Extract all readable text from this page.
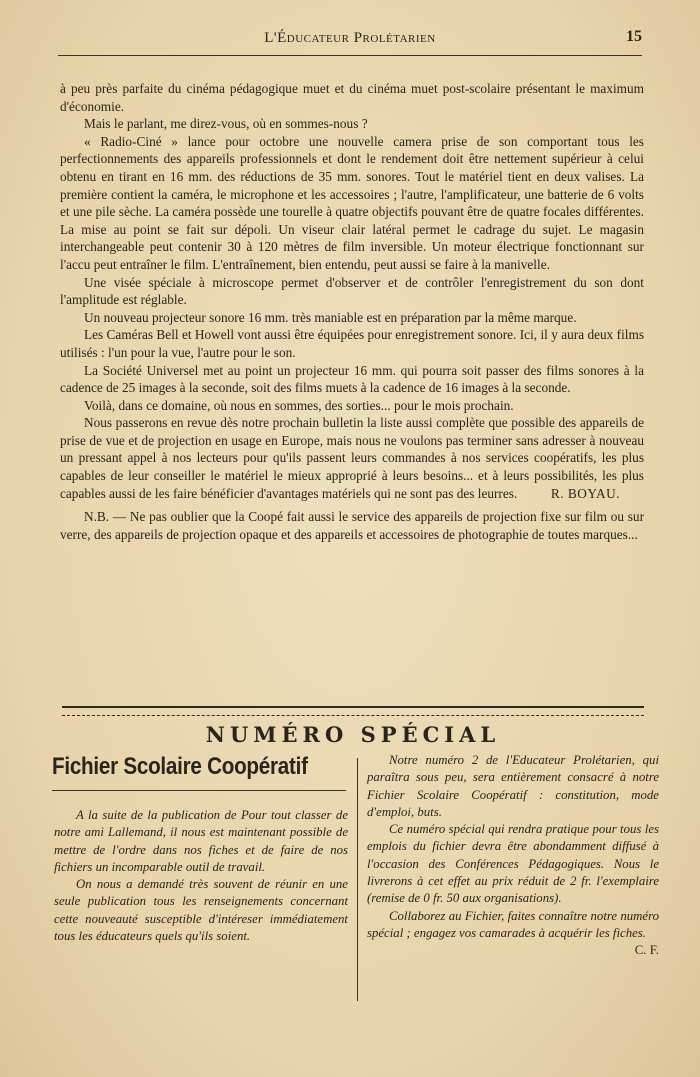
L'Éducateur Prolétarien	15

à peu près parfaite du cinéma pédagogique muet et du cinéma muet post-scolaire présentant le maximum d'économie.

Mais le parlant, me direz-vous, où en sommes-nous ?

« Radio-Ciné » lance pour octobre une nouvelle camera prise de son comportant tous les perfectionnements des appareils professionnels et dont le rendement doit être nettement supérieur à celui obtenu en tirant en 16 mm. des réductions de 35 mm. sonores. Tout le matériel tient en deux valises. La première contient la caméra, le microphone et les accessoires ; l'autre, l'amplificateur, une batterie de 6 volts et une pile sèche. La caméra possède une tourelle à quatre objectifs pouvant être de quatre focales différentes. La mise au point se fait sur dépoli. Un viseur clair latéral permet le cadrage du sujet. Le magasin interchangeable peut contenir 30 à 120 mètres de film inversible. Un moteur électrique fonctionnant sur l'accu peut entraîner le film. L'entraînement, bien entendu, peut aussi se faire à la manivelle.

Une visée spéciale à microscope permet d'observer et de contrôler l'enregistrement du son dont l'amplitude est réglable.

Un nouveau projecteur sonore 16 mm. très maniable est en préparation par la même marque.

Les Caméras Bell et Howell vont aussi être équipées pour enregistrement sonore. Ici, il y aura deux films utilisés : l'un pour la vue, l'autre pour le son.

La Société Universel met au point un projecteur 16 mm. qui pourra soit passer des films sonores à la cadence de 25 images à la seconde, soit des films muets à la cadence de 16 images à la seconde.

Voilà, dans ce domaine, où nous en sommes, des sorties... pour le mois prochain.

Nous passerons en revue dès notre prochain bulletin la liste aussi complète que possible des appareils de prise de vue et de projection en usage en Europe, mais nous ne voulons pas terminer sans adresser à nouveau un pressant appel à nos lecteurs pour qu'ils passent leurs commandes à nos services coopératifs, les plus capables de leur conseiller le matériel le mieux approprié à leurs besoins... et à leurs possibilités, les plus capables aussi de les faire bénéficier d'avantages matériels qui ne sont pas des leurres.	R. BOYAU.

N.B. — Ne pas oublier que la Coopé fait aussi le service des appareils de projection fixe sur film ou sur verre, des appareils de projection opaque et des appareils et accessoires de photographie de toutes marques...

NUMÉRO SPÉCIAL
Fichier Scolaire Coopératif

A la suite de la publication de Pour tout classer de notre ami Lallemand, il nous est maintenant possible de mettre de l'ordre dans nos fiches et de faire de nos fichiers un incomparable outil de travail.

On nous a demandé très souvent de réunir en une seule publication tous les renseignements concernant cette nouveauté susceptible d'intéreser immédiatement tous les éducateurs quels qu'ils soient.

Notre numéro 2 de l'Educateur Prolétarien, qui paraîtra sous peu, sera entièrement consacré à notre Fichier Scolaire Coopératif : constitution, mode d'emploi, buts.

Ce numéro spécial qui rendra pratique pour tous les emplois du fichier devra être abondamment diffusé à l'occasion des Conférences Pédagogiques. Nous le livrerons à cet effet au prix réduit de 2 fr. l'exemplaire (remise de 0 fr. 50 aux organisations).

Collaborez au Fichier, faites connaître notre numéro spécial ; engagez vos camarades à acquérir les fiches.
C. F.
